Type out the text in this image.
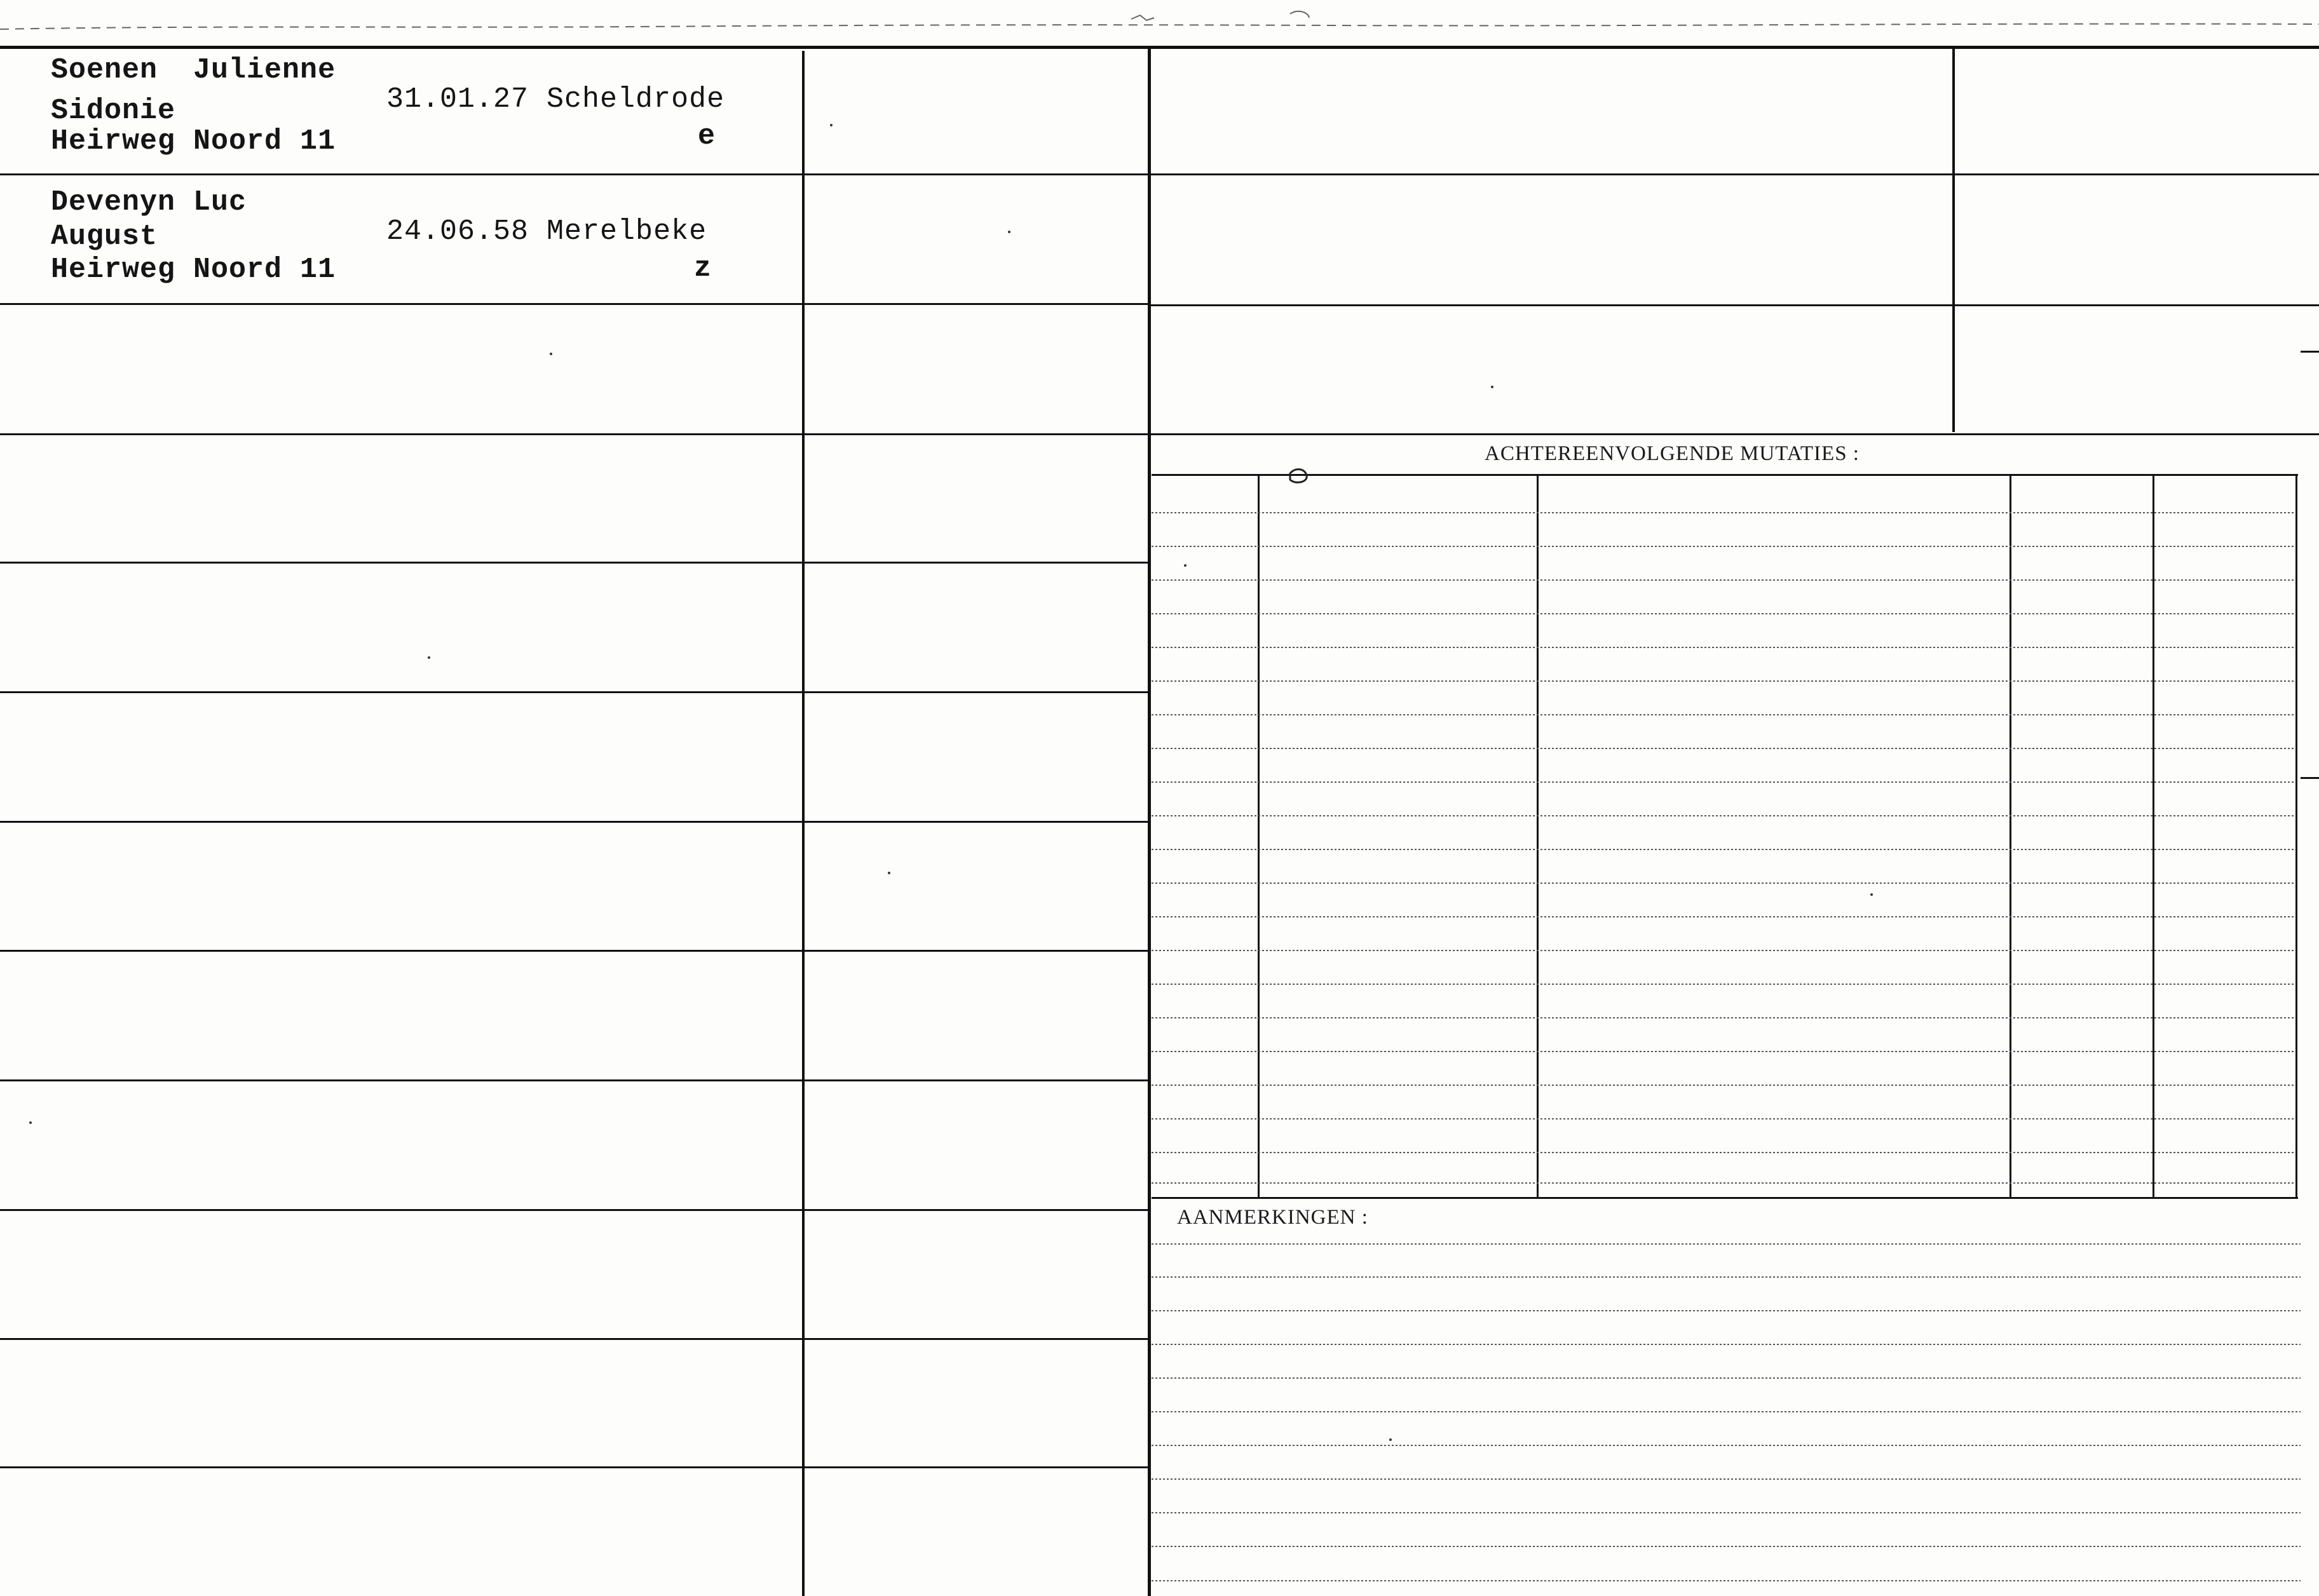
Soenen  Julienne
Sidonie
Heirweg Noord 11
31.01.27 Scheldrode
e
Devenyn Luc
August
Heirweg Noord 11
24.06.58 Merelbeke
z
ACHTEREENVOLGENDE MUTATIES :
AANMERKINGEN :
